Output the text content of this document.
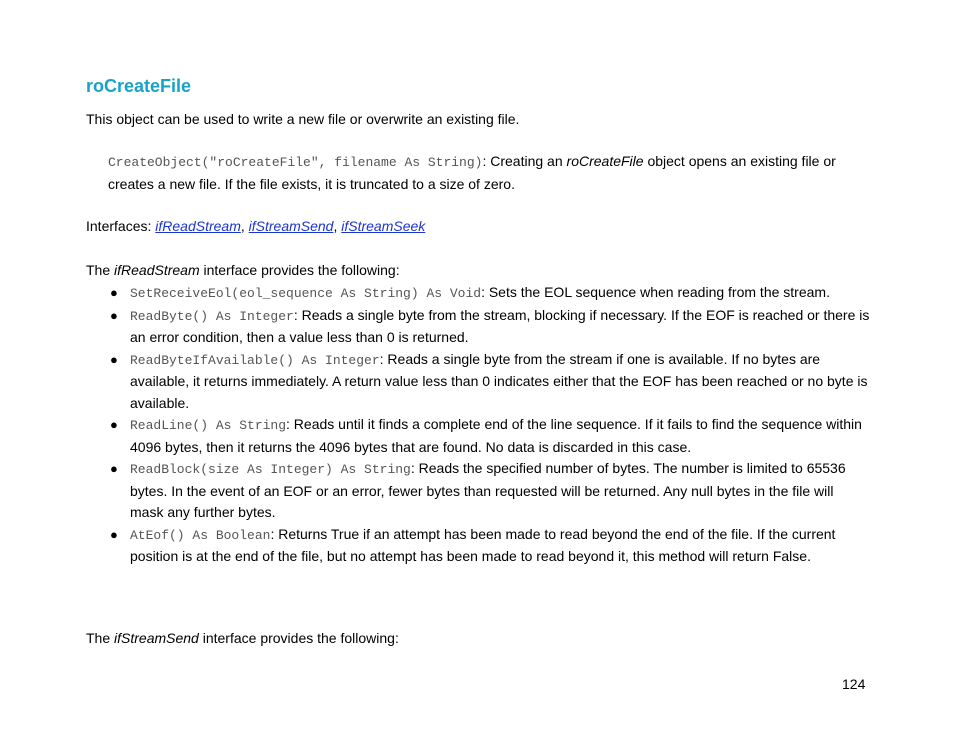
roCreateFile

This object can be used to write a new file or overwrite an existing file.

CreateObject("roCreateFile", filename As String): Creating an roCreateFile object opens an existing file or creates a new file. If the file exists, it is truncated to a size of zero.

Interfaces: ifReadStream, ifStreamSend, ifStreamSeek

The ifReadStream interface provides the following:

● SetReceiveEol(eol_sequence As String) As Void: Sets the EOL sequence when reading from the stream.
● ReadByte() As Integer: Reads a single byte from the stream, blocking if necessary. If the EOF is reached or there is an error condition, then a value less than 0 is returned.
● ReadByteIfAvailable() As Integer: Reads a single byte from the stream if one is available. If no bytes are available, it returns immediately. A return value less than 0 indicates either that the EOF has been reached or no byte is available.
● ReadLine() As String: Reads until it finds a complete end of the line sequence. If it fails to find the sequence within 4096 bytes, then it returns the 4096 bytes that are found. No data is discarded in this case.
● ReadBlock(size As Integer) As String: Reads the specified number of bytes. The number is limited to 65536 bytes. In the event of an EOF or an error, fewer bytes than requested will be returned. Any null bytes in the file will mask any further bytes.
● AtEof() As Boolean: Returns True if an attempt has been made to read beyond the end of the file. If the current position is at the end of the file, but no attempt has been made to read beyond it, this method will return False.

The ifStreamSend interface provides the following:

124
